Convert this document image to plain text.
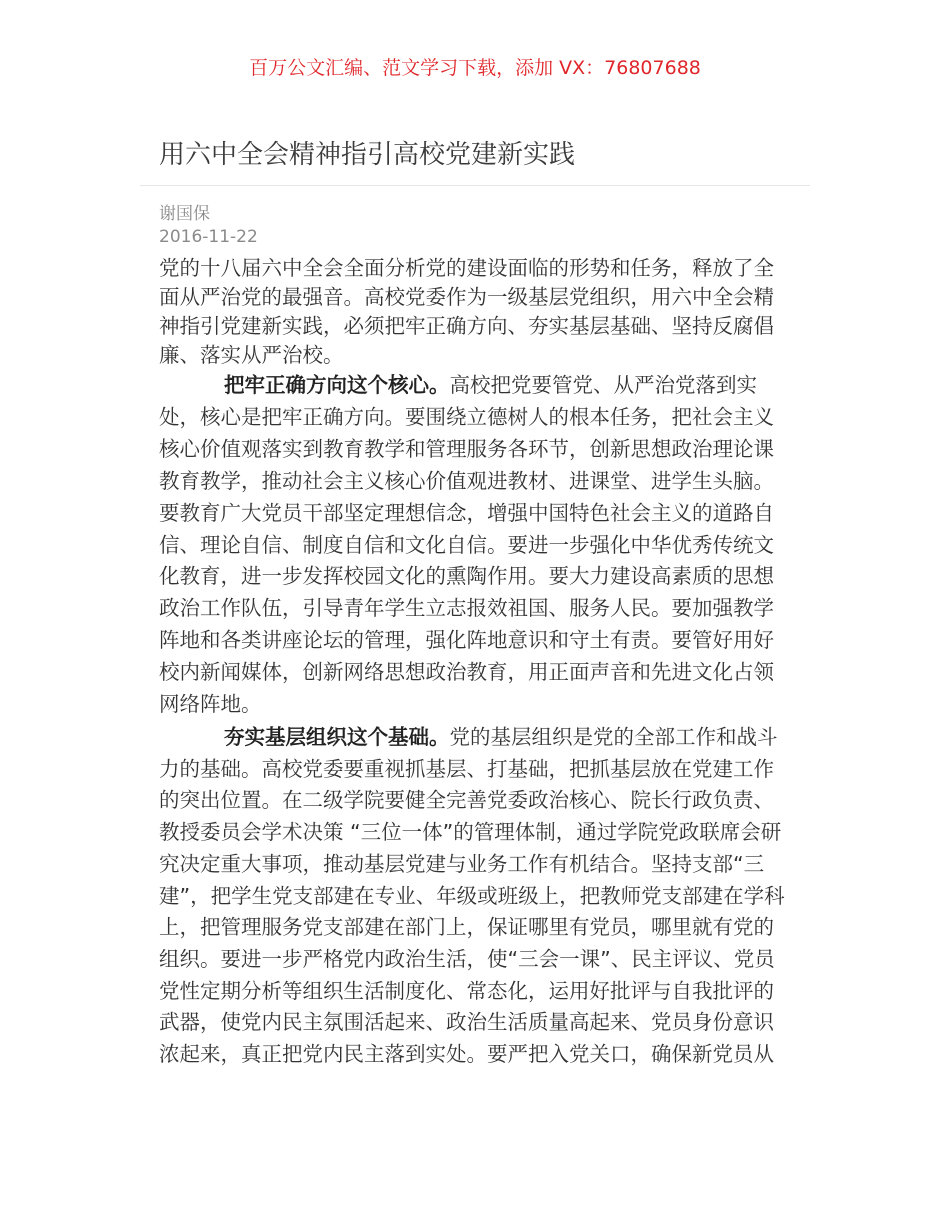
百万公文汇编、范文学习下载，添加 VX：76807688
用六中全会精神指引高校党建新实践
谢国保
2016-11-22
党的十八届六中全会全面分析党的建设面临的形势和任务，释放了全
面从严治党的最强音。高校党委作为一级基层党组织，用六中全会精
神指引党建新实践，必须把牢正确方向、夯实基层基础、坚持反腐倡
廉、落实从严治校。
把牢正确方向这个核心。高校把党要管党、从严治党落到实
处，核心是把牢正确方向。要围绕立德树人的根本任务，把社会主义
核心价值观落实到教育教学和管理服务各环节，创新思想政治理论课
教育教学，推动社会主义核心价值观进教材、进课堂、进学生头脑。
要教育广大党员干部坚定理想信念，增强中国特色社会主义的道路自
信、理论自信、制度自信和文化自信。要进一步强化中华优秀传统文
化教育，进一步发挥校园文化的熏陶作用。要大力建设高素质的思想
政治工作队伍，引导青年学生立志报效祖国、服务人民。要加强教学
阵地和各类讲座论坛的管理，强化阵地意识和守土有责。要管好用好
校内新闻媒体，创新网络思想政治教育，用正面声音和先进文化占领
网络阵地。
夯实基层组织这个基础。党的基层组织是党的全部工作和战斗
力的基础。高校党委要重视抓基层、打基础，把抓基层放在党建工作
的突出位置。在二级学院要健全完善党委政治核心、院长行政负责、
教授委员会学术决策 “三位一体”的管理体制，通过学院党政联席会研
究决定重大事项，推动基层党建与业务工作有机结合。坚持支部“三
建”，把学生党支部建在专业、年级或班级上，把教师党支部建在学科
上，把管理服务党支部建在部门上，保证哪里有党员，哪里就有党的
组织。要进一步严格党内政治生活，使“三会一课”、民主评议、党员
党性定期分析等组织生活制度化、常态化，运用好批评与自我批评的
武器，使党内民主氛围活起来、政治生活质量高起来、党员身份意识
浓起来，真正把党内民主落到实处。要严把入党关口，确保新党员从
